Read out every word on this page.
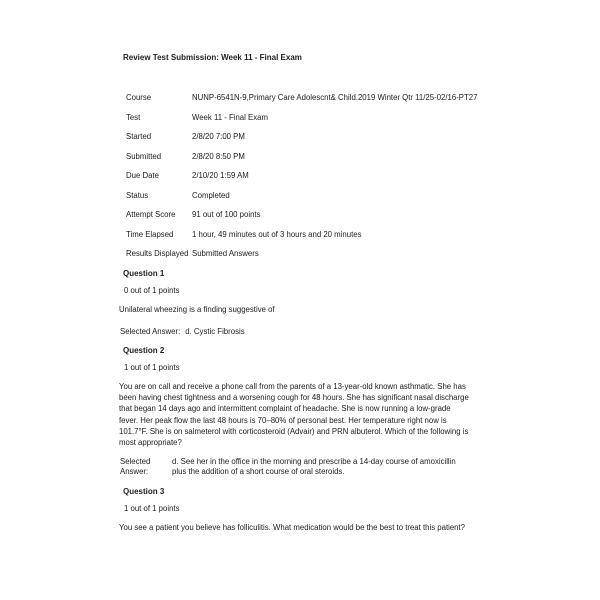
Review Test Submission: Week 11 - Final Exam
Course	NUNP-6541N-9,Primary Care Adolescnt& Child.2019 Winter Qtr 11/25-02/16-PT27
Test	Week 11 - Final Exam
Started	2/8/20 7:00 PM
Submitted	2/8/20 8:50 PM
Due Date	2/10/20 1:59 AM
Status	Completed
Attempt Score	91 out of 100 points
Time Elapsed	1 hour, 49 minutes out of 3 hours and 20 minutes
Results Displayed Submitted Answers
Question 1
0 out of 1 points
Unilateral wheezing is a finding suggestive of
Selected Answer: d. Cystic Fibrosis
Question 2
1 out of 1 points
You are on call and receive a phone call from the parents of a 13-year-old known asthmatic. She has
been having chest tightness and a worsening cough for 48 hours. She has significant nasal discharge
that began 14 days ago and intermittent complaint of headache. She is now running a low-grade
fever. Her peak flow the last 48 hours is 70–80% of personal best. Her temperature right now is
101.7°F. She is on salmeterol with corticosteroid (Advair) and PRN albuterol. Which of the following is
most appropriate?
Selected
Answer:
d. See her in the office in the morning and prescribe a 14-day course of amoxicillin
plus the addition of a short course of oral steroids.
Question 3
1 out of 1 points
You see a patient you believe has folliculitis. What medication would be the best to treat this patient?
